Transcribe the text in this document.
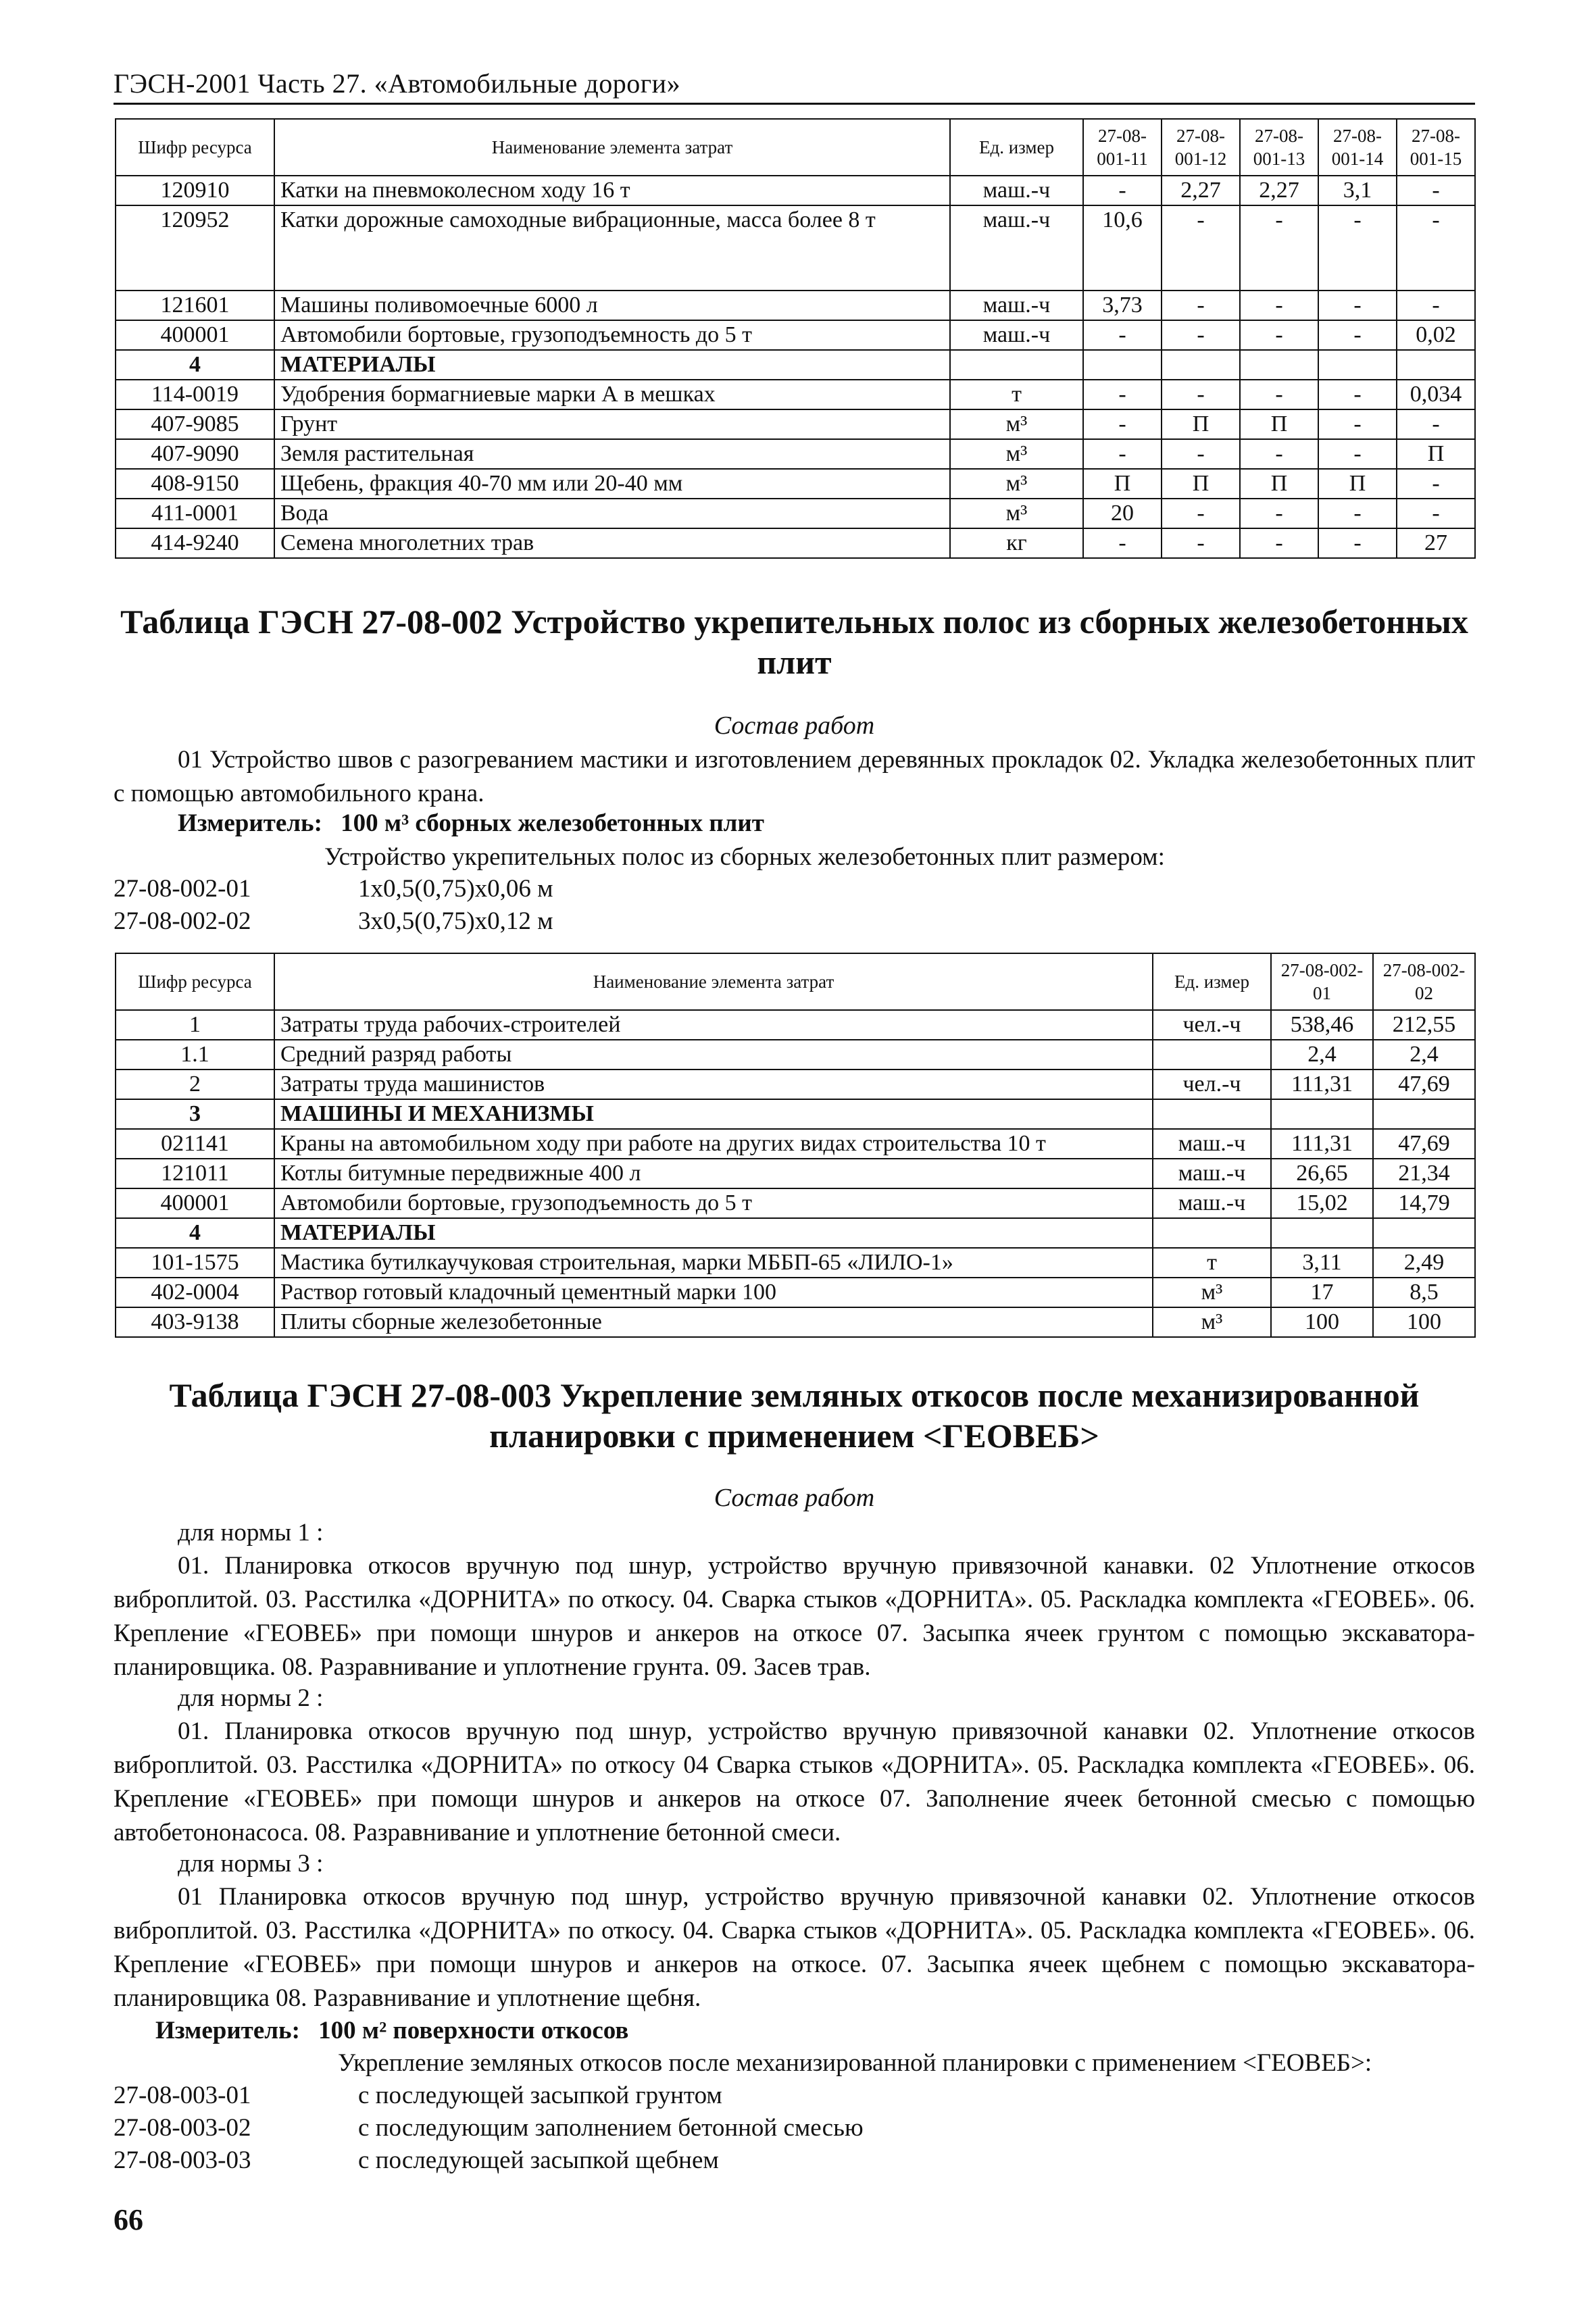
ГЭСН-2001 Часть 27. «Автомобильные дороги»
Шифр ресурса	Наименование элемента затрат	Ед. измер	27-08-001-11	27-08-001-12	27-08-001-13	27-08-001-14	27-08-001-15
120910	Катки на пневмоколесном ходу 16 т	маш.-ч	-	2,27	2,27	3,1	-
120952	Катки дорожные самоходные вибрационные, масса более 8 т	маш.-ч	10,6	-	-	-	-
121601	Машины поливомоечные 6000 л	маш.-ч	3,73	-	-	-	-
400001	Автомобили бортовые, грузоподъемность до 5 т	маш.-ч	-	-	-	-	0,02
4	МАТЕРИАЛЫ						
114-0019	Удобрения бормагниевые марки А в мешках	т	-	-	-	-	0,034
407-9085	Грунт	м³	-	П	П	-	-
407-9090	Земля растительная	м³	-	-	-	-	П
408-9150	Щебень, фракция 40-70 мм или 20-40 мм	м³	П	П	П	П	-
411-0001	Вода	м³	20	-	-	-	-
414-9240	Семена многолетних трав	кг	-	-	-	-	27
Таблица ГЭСН 27-08-002 Устройство укрепительных полос из сборных железобетонных плит
Состав работ
01 Устройство швов с разогреванием мастики и изготовлением деревянных прокладок 02. Укладка железобетонных плит с помощью автомобильного крана.
Измеритель: 100 м³ сборных железобетонных плит
Устройство укрепительных полос из сборных железобетонных плит размером:
27-08-002-01	1х0,5(0,75)х0,06 м
27-08-002-02	3х0,5(0,75)х0,12 м
Шифр ресурса	Наименование элемента затрат	Ед. измер	27-08-002-01	27-08-002-02
1	Затраты труда рабочих-строителей	чел.-ч	538,46	212,55
1.1	Средний разряд работы		2,4	2,4
2	Затраты труда машинистов	чел.-ч	111,31	47,69
3	МАШИНЫ И МЕХАНИЗМЫ			
021141	Краны на автомобильном ходу при работе на других видах строительства 10 т	маш.-ч	111,31	47,69
121011	Котлы битумные передвижные 400 л	маш.-ч	26,65	21,34
400001	Автомобили бортовые, грузоподъемность до 5 т	маш.-ч	15,02	14,79
4	МАТЕРИАЛЫ			
101-1575	Мастика бутилкаучуковая строительная, марки МББП-65 «ЛИЛО-1»	т	3,11	2,49
402-0004	Раствор готовый кладочный цементный марки 100	м³	17	8,5
403-9138	Плиты сборные железобетонные	м³	100	100
Таблица ГЭСН 27-08-003 Укрепление земляных откосов после механизированной планировки с применением <ГЕОВЕБ>
Состав работ
для нормы 1 :
01. Планировка откосов вручную под шнур, устройство вручную привязочной канавки. 02 Уплотнение откосов виброплитой. 03. Расстилка «ДОРНИТА» по откосу. 04. Сварка стыков «ДОРНИТА». 05. Раскладка комплекта «ГЕОВЕБ». 06. Крепление «ГЕОВЕБ» при помощи шнуров и анкеров на откосе 07. Засыпка ячеек грунтом с помощью экскаватора-планировщика. 08. Разравнивание и уплотнение грунта. 09. Засев трав.
для нормы 2 :
01. Планировка откосов вручную под шнур, устройство вручную привязочной канавки 02. Уплотнение откосов виброплитой. 03. Расстилка «ДОРНИТА» по откосу 04 Сварка стыков «ДОРНИТА». 05. Раскладка комплекта «ГЕОВЕБ». 06. Крепление «ГЕОВЕБ» при помощи шнуров и анкеров на откосе 07. Заполнение ячеек бетонной смесью с помощью автобетононасоса. 08. Разравнивание и уплотнение бетонной смеси.
для нормы 3 :
01 Планировка откосов вручную под шнур, устройство вручную привязочной канавки 02. Уплотнение откосов виброплитой. 03. Расстилка «ДОРНИТА» по откосу. 04. Сварка стыков «ДОРНИТА». 05. Раскладка комплекта «ГЕОВЕБ». 06. Крепление «ГЕОВЕБ» при помощи шнуров и анкеров на откосе. 07. Засыпка ячеек щебнем с помощью экскаватора-планировщика 08. Разравнивание и уплотнение щебня.
Измеритель: 100 м² поверхности откосов
Укрепление земляных откосов после механизированной планировки с применением <ГЕОВЕБ>:
27-08-003-01	с последующей засыпкой грунтом
27-08-003-02	с последующим заполнением бетонной смесью
27-08-003-03	с последующей засыпкой щебнем
66
